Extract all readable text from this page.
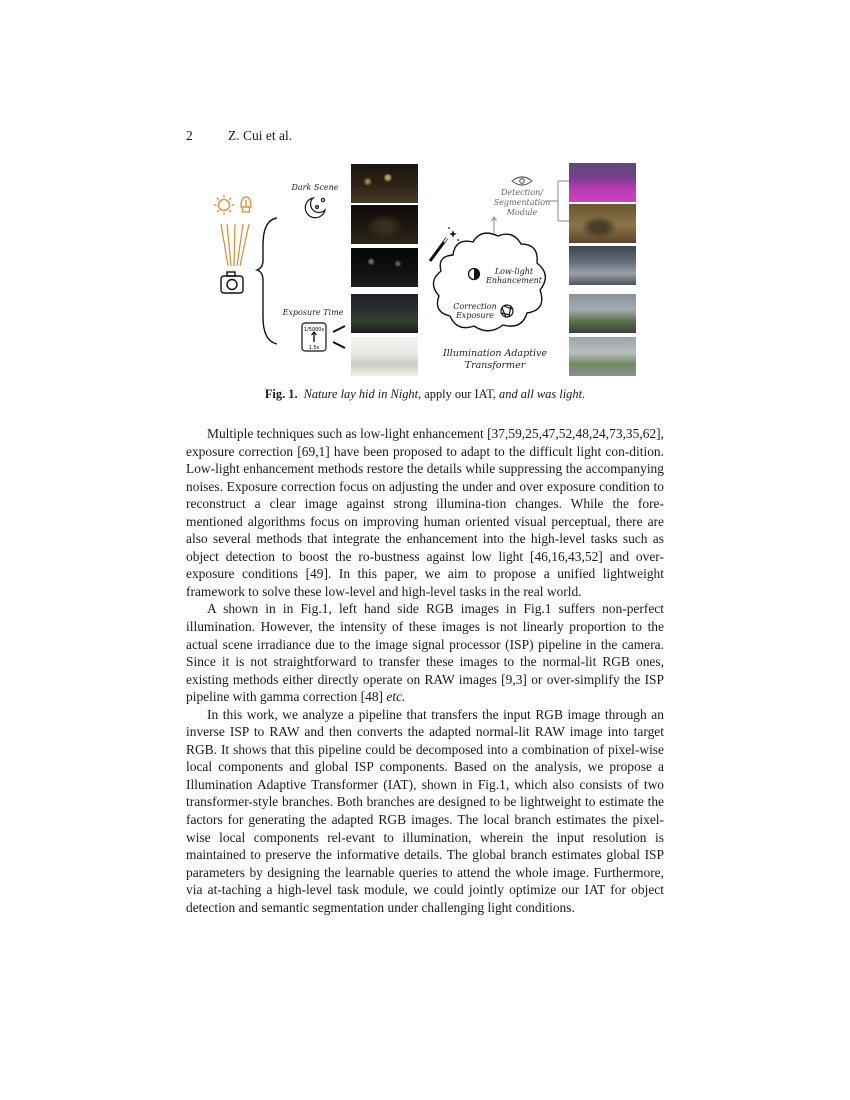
2	Z. Cui et al.
Dark Scene
Exposure Time
1/5000s
1.5s
Low-light
Enhancement
Correction
Exposure
Illumination Adaptive
Transformer
Detection/
Segmentation
Module
Fig. 1. Nature lay hid in Night, apply our IAT, and all was light.

Multiple techniques such as low-light enhancement [37,59,25,47,52,48,24,73,35,62], exposure correction [69,1] have been proposed to adapt to the difficult light con-dition. Low-light enhancement methods restore the details while suppressing the accompanying noises. Exposure correction focus on adjusting the under and over exposure condition to reconstruct a clear image against strong illumina-tion changes. While the fore-mentioned algorithms focus on improving human oriented visual perceptual, there are also several methods that integrate the enhancement into the high-level tasks such as object detection to boost the ro-bustness against low light [46,16,43,52] and over-exposure conditions [49]. In this paper, we aim to propose a unified lightweight framework to solve these low-level and high-level tasks in the real world.

A shown in in Fig.1, left hand side RGB images in Fig.1 suffers non-perfect illumination. However, the intensity of these images is not linearly proportion to the actual scene irradiance due to the image signal processor (ISP) pipeline in the camera. Since it is not straightforward to transfer these images to the normal-lit RGB ones, existing methods either directly operate on RAW images [9,3] or over-simplify the ISP pipeline with gamma correction [48] etc.

In this work, we analyze a pipeline that transfers the input RGB image through an inverse ISP to RAW and then converts the adapted normal-lit RAW image into target RGB. It shows that this pipeline could be decomposed into a combination of pixel-wise local components and global ISP components. Based on the analysis, we propose a Illumination Adaptive Transformer (IAT), shown in Fig.1, which also consists of two transformer-style branches. Both branches are designed to be lightweight to estimate the factors for generating the adapted RGB images. The local branch estimates the pixel-wise local components rel-evant to illumination, wherein the input resolution is maintained to preserve the informative details. The global branch estimates global ISP parameters by designing the learnable queries to attend the whole image. Furthermore, via at-taching a high-level task module, we could jointly optimize our IAT for object detection and semantic segmentation under challenging light conditions.
